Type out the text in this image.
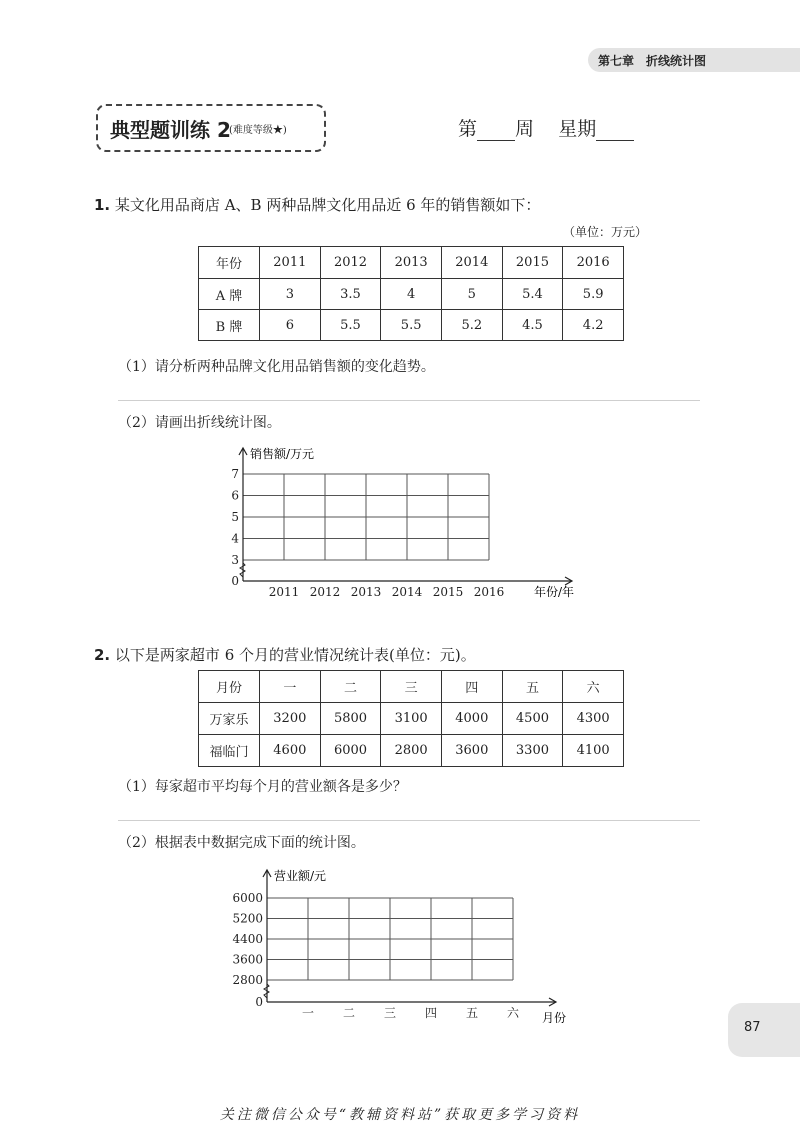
第七章　折线统计图
典型题训练 2
(难度等级★)	第 周 星期
1. 某文化用品商店 A、B 两种品牌文化用品近 6 年的销售额如下：
（单位：万元）
年份	2011	2012	2013	2014	2015	2016
A 牌	3	3.5	4	5	5.4	5.9
B 牌	6	5.5	5.5	5.2	4.5	4.2
（1）请分析两种品牌文化用品销售额的变化趋势。
（2）请画出折线统计图。
0
3
4
5
6
7
2011 2012 2013 2014 2015 2016
销售额/万元
年份/年
2. 以下是两家超市 6 个月的营业情况统计表(单位：元)。
月份	一	二	三	四	五	六
万家乐	3200	5800	3100	4000	4500	4300
福临门	4600	6000	2800	3600	3300	4100
（1）每家超市平均每个月的营业额各是多少？
（2）根据表中数据完成下面的统计图。
0
2800
3600
4400
5200
6000
一 二 三 四 五 六
营业额/元
月份
87
关注微信公众号“教辅资料站”获取更多学习资料
